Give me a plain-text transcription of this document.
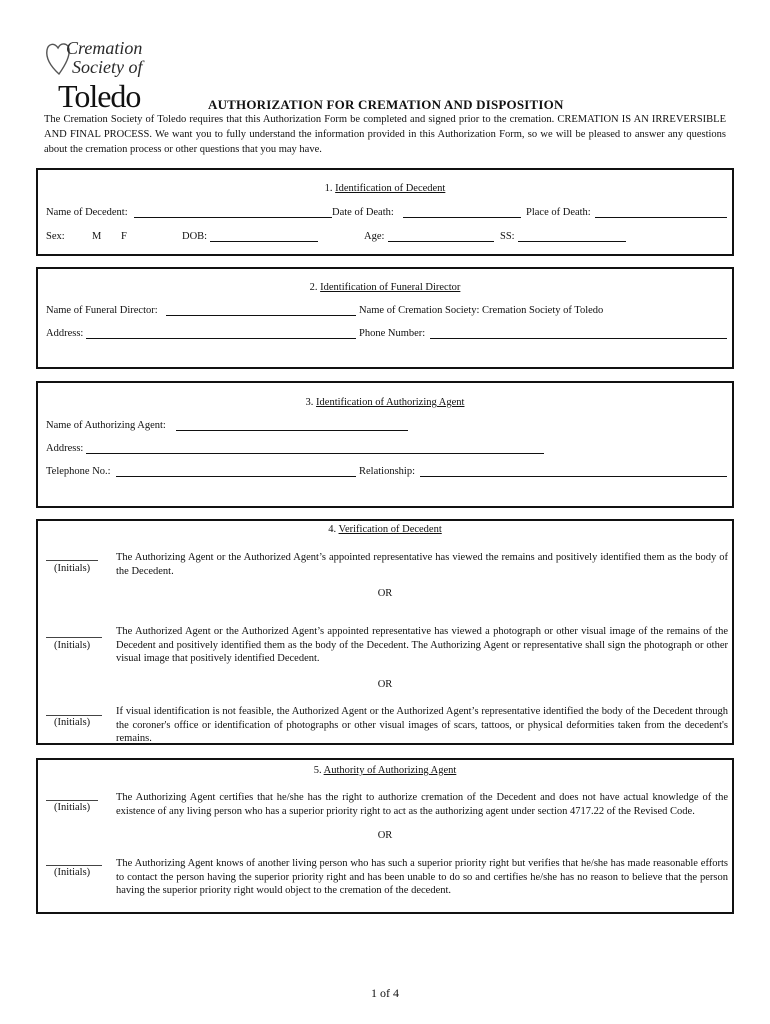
Cremation
Society of
Toledo	AUTHORIZATION FOR CREMATION AND DISPOSITION
The Cremation Society of Toledo requires that this Authorization Form be completed and signed prior to the cremation. CREMATION IS AN IRREVERSIBLE AND FINAL PROCESS. We want you to fully understand the information provided in this Authorization Form, so we will be pleased to answer any questions about the cremation process or other questions that you may have.
1. Identification of Decedent
Name of Decedent:	Date of Death:	Place of Death:
Sex:	M F	DOB:	Age:	SS:
2. Identification of Funeral Director
Name of Funeral Director:	Name of Cremation Society: Cremation Society of Toledo
Address:	Phone Number:
3. Identification of Authorizing Agent
Name of Authorizing Agent:
Address:
Telephone No.:	Relationship:
4. Verification of Decedent
(Initials)
The Authorizing Agent or the Authorized Agent’s appointed representative has viewed the remains and positively identified them as the body of the Decedent.
OR
(Initials)
The Authorized Agent or the Authorized Agent’s appointed representative has viewed a photograph or other visual image of the remains of the Decedent and positively identified them as the body of the Decedent. The Authorizing Agent or representative shall sign the photograph or other visual image that positively identified Decedent.
OR
(Initials)
If visual identification is not feasible, the Authorized Agent or the Authorized Agent’s representative identified the body of the Decedent through the coroner's office or identification of photographs or other visual images of scars, tattoos, or physical deformities taken from the decedent's remains.
5. Authority of Authorizing Agent
(Initials)
The Authorizing Agent certifies that he/she has the right to authorize cremation of the Decedent and does not have actual knowledge of the existence of any living person who has a superior priority right to act as the authorizing agent under section 4717.22 of the Revised Code.
OR
(Initials)
The Authorizing Agent knows of another living person who has such a superior priority right but verifies that he/she has made reasonable efforts to contact the person having the superior priority right and has been unable to do so and certifies he/she has no reason to believe that the person having the superior priority right would object to the cremation of the decedent.
1 of 4
